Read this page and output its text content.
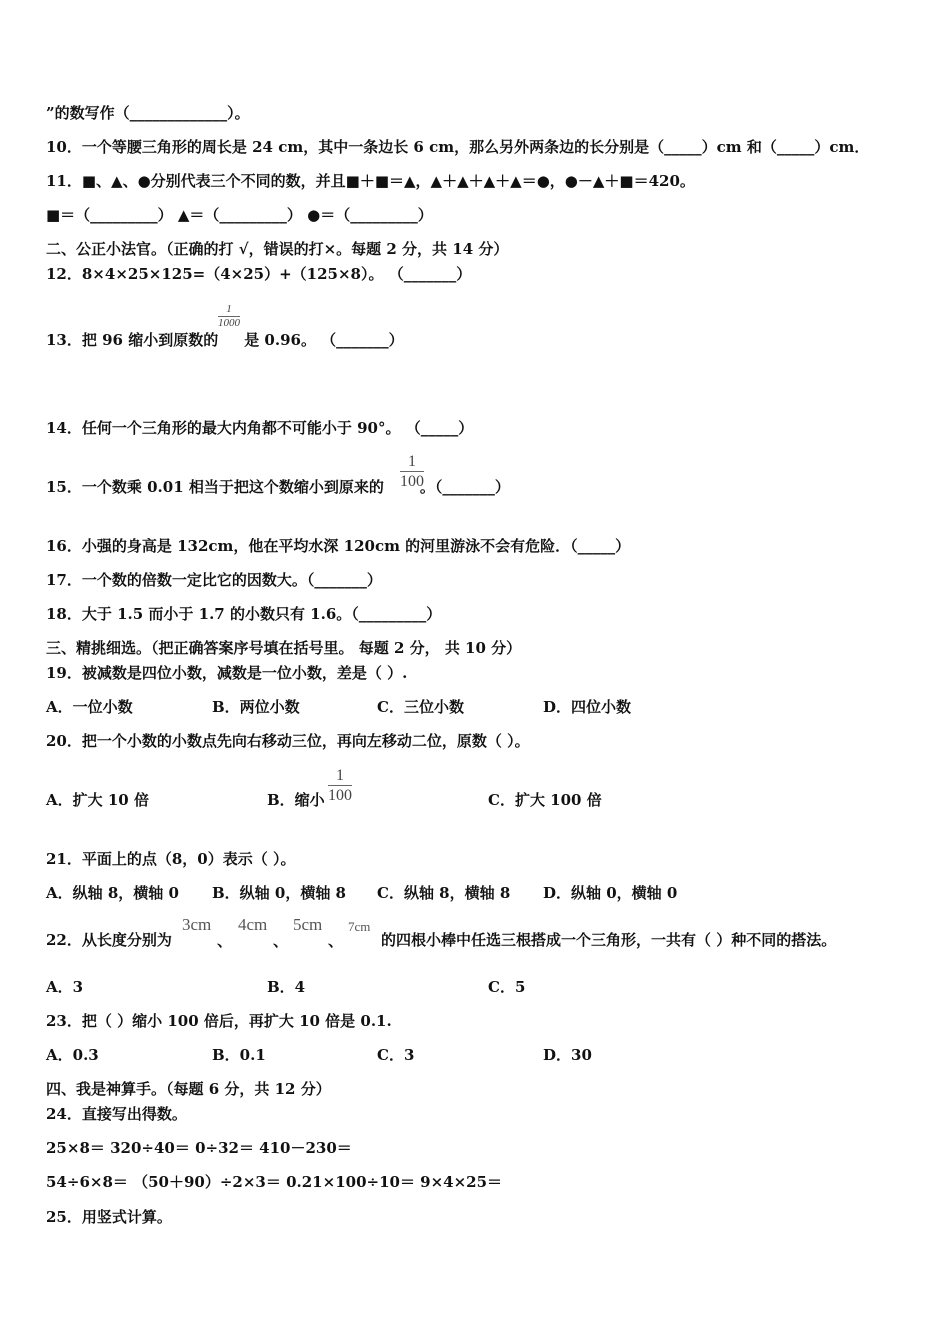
”的数写作（_____________）。
10．一个等腰三角形的周长是 24 cm，其中一条边长 6 cm，那么另外两条边的长分别是（_____）cm 和（_____）cm．
11．■、▲、●分别代表三个不同的数，并且■＋■＝▲，▲＋▲＋▲＋▲＝●，●－▲＋■＝420。
■＝（_________） ▲＝（_________） ●＝（_________）
二、公正小法官。（正确的打 √，错误的打×。每题 2 分，共 14 分）
12．8×4×25×125=（4×25）+（125×8）。 （_______）
13．把 96 缩小到原数的 是 0.96。 （_______）
$\frac{1}{1000}$
14．任何一个三角形的最大内角都不可能小于 90°。 （_____）
15．一个数乘 0.01 相当于把这个数缩小到原来的 。（_______）
$\frac{1}{100}$
16．小强的身高是 132cm，他在平均水深 120cm 的河里游泳不会有危险．（_____）
17．一个数的倍数一定比它的因数大。（_______）
18．大于 1.5 而小于 1.7 的小数只有 1.6。（_________）
三、精挑细选。（把正确答案序号填在括号里。 每题 2 分， 共 10 分）
19．被减数是四位小数，减数是一位小数，差是（ ）.
A．一位小数	B．两位小数	C．三位小数	D．四位小数
20．把一个小数的小数点先向右移动三位，再向左移动二位，原数（ ）。
A．扩大 10 倍	B．缩小 $\frac{1}{100}$	C．扩大 100 倍
21．平面上的点（8，0）表示（ ）。
A．纵轴 8，横轴 0 B．纵轴 0，横轴 8 C．纵轴 8，横轴 8 D．纵轴 0，横轴 0
22．从长度分别为
3cm
、
4cm
、
5cm
、
7cm
的四根小棒中任选三根搭成一个三角形，一共有（ ）种不同的搭法。
A．3	B．4	C．5
23．把（ ）缩小 100 倍后，再扩大 10 倍是 0.1.
A．0.3	B．0.1	C．3	D．30
四、我是神算手。（每题 6 分，共 12 分）
24．直接写出得数。
25×8＝ 320÷40＝ 0÷32＝ 410－230＝
54÷6×8＝ （50＋90）÷2×3＝ 0.21×100÷10＝ 9×4×25＝
25．用竖式计算。
